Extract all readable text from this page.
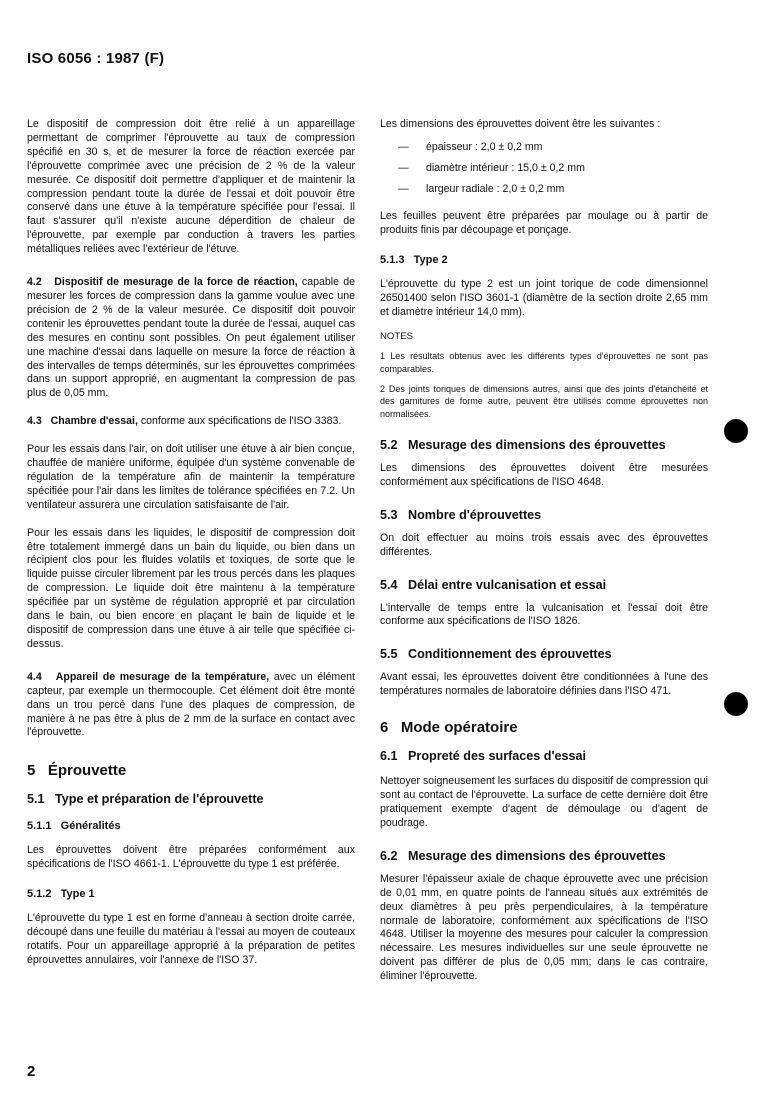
ISO 6056 : 1987 (F)

Le dispositif de compression doit être relié à un appareillage permettant de comprimer l'éprouvette au taux de compression spécifié en 30 s, et de mesurer la force de réaction exercée par l'éprouvette comprimée avec une précision de 2 % de la valeur mesurée. Ce dispositif doit permettre d'appliquer et de maintenir la compression pendant toute la durée de l'essai et doit pouvoir être conservé dans une étuve à la température spécifiée pour l'essai. Il faut s'assurer qu'il n'existe aucune déperdition de chaleur de l'éprouvette, par exemple par conduction à travers les parties métalliques reliées avec l'extérieur de l'étuve.

4.2 Dispositif de mesurage de la force de réaction, capable de mesurer les forces de compression dans la gamme voulue avec une précision de 2 % de la valeur mesurée. Ce dispositif doit pouvoir contenir les éprouvettes pendant toute la durée de l'essai, auquel cas des mesures en continu sont possibles. On peut également utiliser une machine d'essai dans laquelle on mesure la force de réaction à des intervalles de temps déterminés, sur les éprouvettes comprimées dans un support approprié, en augmentant la compression de pas plus de 0,05 mm.

4.3 Chambre d'essai, conforme aux spécifications de l'ISO 3383.

Pour les essais dans l'air, on doit utiliser une étuve à air bien conçue, chauffée de manière uniforme, équipée d'un système convenable de régulation de la température afin de maintenir la température spécifiée pour l'air dans les limites de tolérance spécifiées en 7.2. Un ventilateur assurera une circulation satisfaisante de l'air.

Pour les essais dans les liquides, le dispositif de compression doit être totalement immergé dans un bain du liquide, ou bien dans un récipient clos pour les fluides volatils et toxiques, de sorte que le liquide puisse circuler librement par les trous percés dans les plaques de compression. Le liquide doit être maintenu à la température spécifiée par un système de régulation approprié et par circulation dans le bain, ou bien encore en plaçant le bain de liquide et le dispositif de compression dans une étuve à air telle que spécifiée ci-dessus.

4.4 Appareil de mesurage de la température, avec un élément capteur, par exemple un thermocouple. Cet élément doit être monté dans un trou percé dans l'une des plaques de compression, de manière à ne pas être à plus de 2 mm de la surface en contact avec l'éprouvette.

5 Éprouvette
5.1 Type et préparation de l'éprouvette
5.1.1 Généralités

Les éprouvettes doivent être préparées conformément aux spécifications de l'ISO 4661-1. L'éprouvette du type 1 est préférée.

5.1.2 Type 1

L'éprouvette du type 1 est en forme d'anneau à section droite carrée, découpé dans une feuille du matériau à l'essai au moyen de couteaux rotatifs. Pour un appareillage approprié à la préparation de petites éprouvettes annulaires, voir l'annexe de l'ISO 37.

Les dimensions des éprouvettes doivent être les suivantes :

—	épaisseur : 2,0 ± 0,2 mm
—	diamètre intérieur : 15,0 ± 0,2 mm
—	largeur radiale : 2,0 ± 0,2 mm

Les feuilles peuvent être préparées par moulage ou à partir de produits finis par découpage et ponçage.

5.1.3 Type 2

L'éprouvette du type 2 est un joint torique de code dimensionnel 26501400 selon l'ISO 3601-1 (diamètre de la section droite 2,65 mm et diamètre intérieur 14,0 mm).

NOTES
1 Les résultats obtenus avec les différents types d'éprouvettes ne sont pas comparables.
2 Des joints toriques de dimensions autres, ainsi que des joints d'étanchéité et des garnitures de forme autre, peuvent être utilisés comme éprouvettes non normalisées.
5.2 Mesurage des dimensions des éprouvettes

Les dimensions des éprouvettes doivent être mesurées conformément aux spécifications de l'ISO 4648.

5.3 Nombre d'éprouvettes

On doit effectuer au moins trois essais avec des éprouvettes différentes.

5.4 Délai entre vulcanisation et essai

L'intervalle de temps entre la vulcanisation et l'essai doit être conforme aux spécifications de l'ISO 1826.

5.5 Conditionnement des éprouvettes

Avant essai, les éprouvettes doivent être conditionnées à l'une des températures normales de laboratoire définies dans l'ISO 471.

6 Mode opératoire
6.1 Propreté des surfaces d'essai

Nettoyer soigneusement les surfaces du dispositif de compression qui sont au contact de l'éprouvette. La surface de cette dernière doit être pratiquement exempte d'agent de démoulage ou d'agent de poudrage.

6.2 Mesurage des dimensions des éprouvettes

Mesurer l'épaisseur axiale de chaque éprouvette avec une précision de 0,01 mm, en quatre points de l'anneau situés aux extrémités de deux diamètres à peu près perpendiculaires, à la température normale de laboratoire, conformément aux spécifications de l'ISO 4648. Utiliser la moyenne des mesures pour calculer la compression nécessaire. Les mesures individuelles sur une seule éprouvette ne doivent pas différer de plus de 0,05 mm; dans le cas contraire, éliminer l'éprouvette.

2
